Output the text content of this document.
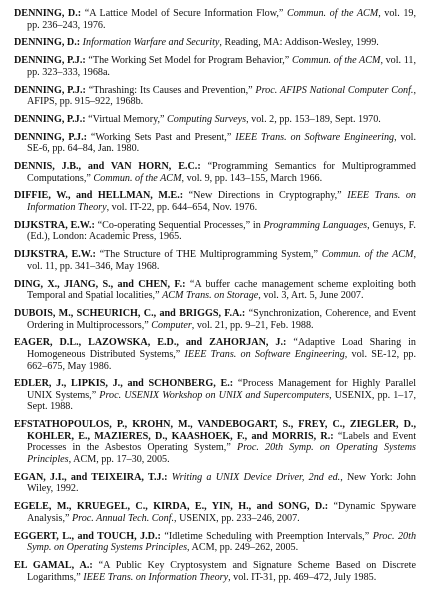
DENNING, D.: “A Lattice Model of Secure Information Flow,” Commun. of the ACM, vol. 19, pp. 236–243, 1976.

DENNING, D.: Information Warfare and Security, Reading, MA: Addison-Wesley, 1999.

DENNING, P.J.: “The Working Set Model for Program Behavior,” Commun. of the ACM, vol. 11, pp. 323–333, 1968a.

DENNING, P.J.: “Thrashing: Its Causes and Prevention,” Proc. AFIPS National Computer Conf., AFIPS, pp. 915–922, 1968b.

DENNING, P.J.: “Virtual Memory,” Computing Surveys, vol. 2, pp. 153–189, Sept. 1970.

DENNING, P.J.: “Working Sets Past and Present,” IEEE Trans. on Software Engineering, vol. SE-6, pp. 64–84, Jan. 1980.

DENNIS, J.B., and VAN HORN, E.C.: “Programming Semantics for Multiprogrammed Computations,” Commun. of the ACM, vol. 9, pp. 143–155, March 1966.

DIFFIE, W., and HELLMAN, M.E.: “New Directions in Cryptography,” IEEE Trans. on Information Theory, vol. IT-22, pp. 644–654, Nov. 1976.

DIJKSTRA, E.W.: “Co-operating Sequential Processes,” in Programming Languages, Genuys, F. (Ed.), London: Academic Press, 1965.

DIJKSTRA, E.W.: “The Structure of THE Multiprogramming System,” Commun. of the ACM, vol. 11, pp. 341–346, May 1968.

DING, X., JIANG, S., and CHEN, F.: “A buffer cache management scheme exploiting both Temporal and Spatial localities,” ACM Trans. on Storage, vol. 3, Art. 5, June 2007.

DUBOIS, M., SCHEURICH, C., and BRIGGS, F.A.: “Synchronization, Coherence, and Event Ordering in Multiprocessors,” Computer, vol. 21, pp. 9–21, Feb. 1988.

EAGER, D.L., LAZOWSKA, E.D., and ZAHORJAN, J.: “Adaptive Load Sharing in Homogeneous Distributed Systems,” IEEE Trans. on Software Engineering, vol. SE-12, pp. 662–675, May 1986.

EDLER, J., LIPKIS, J., and SCHONBERG, E.: “Process Management for Highly Parallel UNIX Systems,” Proc. USENIX Workshop on UNIX and Supercomputers, USENIX, pp. 1–17, Sept. 1988.

EFSTATHOPOULOS, P., KROHN, M., VANDEBOGART, S., FREY, C., ZIEGLER, D., KOHLER, E., MAZIERES, D., KAASHOEK, F., and MORRIS, R.: “Labels and Event Processes in the Asbestos Operating System,” Proc. 20th Symp. on Operating Systems Principles, ACM, pp. 17–30, 2005.

EGAN, J.I., and TEIXEIRA, T.J.: Writing a UNIX Device Driver, 2nd ed., New York: John Wiley, 1992.

EGELE, M., KRUEGEL, C., KIRDA, E., YIN, H., and SONG, D.: “Dynamic Spyware Analysis,” Proc. Annual Tech. Conf., USENIX, pp. 233–246, 2007.

EGGERT, L., and TOUCH, J.D.: “Idletime Scheduling with Preemption Intervals,” Proc. 20th Symp. on Operating Systems Principles, ACM, pp. 249–262, 2005.

EL GAMAL, A.: “A Public Key Cryptosystem and Signature Scheme Based on Discrete Logarithms,” IEEE Trans. on Information Theory, vol. IT-31, pp. 469–472, July 1985.
